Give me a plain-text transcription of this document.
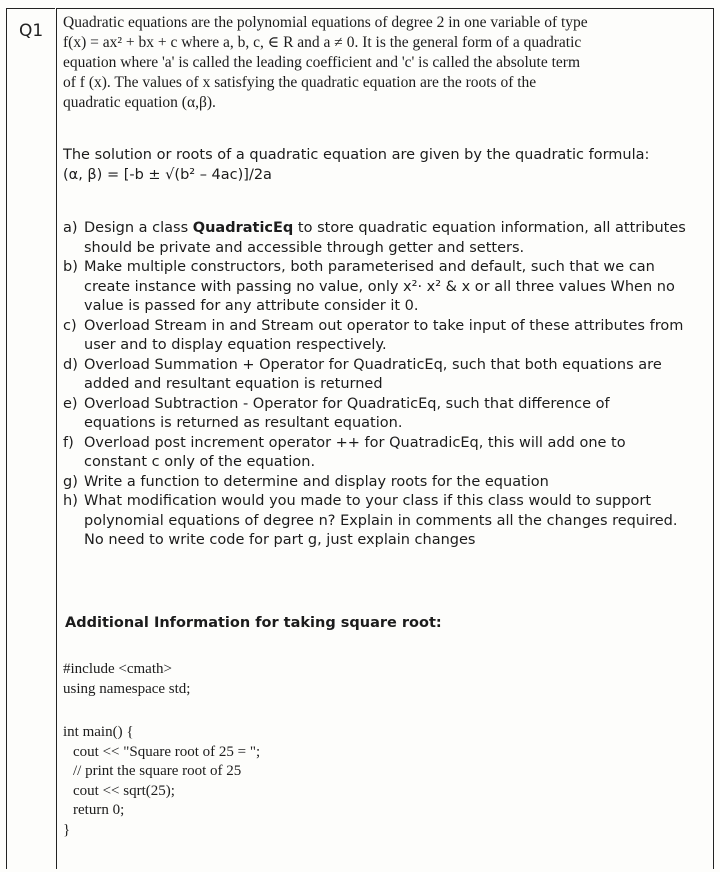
Q1 Quadratic equations are the polynomial equations of degree 2 in one variable of type
f(x) = ax² + bx + c where a, b, c, ∈ R and a ≠ 0. It is the general form of a quadratic
equation where 'a' is called the leading coefficient and 'c' is called the absolute term
of f (x). The values of x satisfying the quadratic equation are the roots of the
quadratic equation (α,β).

The solution or roots of a quadratic equation are given by the quadratic formula:

(α, β) = [-b ± √(b² – 4ac)]/2a

a) Design a class QuadraticEq to store quadratic equation information, all attributes
should be private and accessible through getter and setters.
b) Make multiple constructors, both parameterised and default, such that we can
create instance with passing no value, only x²· x² & x or all three values When no
value is passed for any attribute consider it 0.
c) Overload Stream in and Stream out operator to take input of these attributes from
user and to display equation respectively.
d) Overload Summation + Operator for QuadraticEq, such that both equations are
added and resultant equation is returned
e) Overload Subtraction - Operator for QuadraticEq, such that difference of
equations is returned as resultant equation.
f) Overload post increment operator ++ for QuatradicEq, this will add one to
constant c only of the equation.
g) Write a function to determine and display roots for the equation
h) What modification would you made to your class if this class would to support
polynomial equations of degree n? Explain in comments all the changes required.
No need to write code for part g, just explain changes
Additional Information for taking square root:

#include <cmath>

using namespace std;

int main() {

cout << "Square root of 25 = ";

// print the square root of 25

cout << sqrt(25);

return 0;

}
